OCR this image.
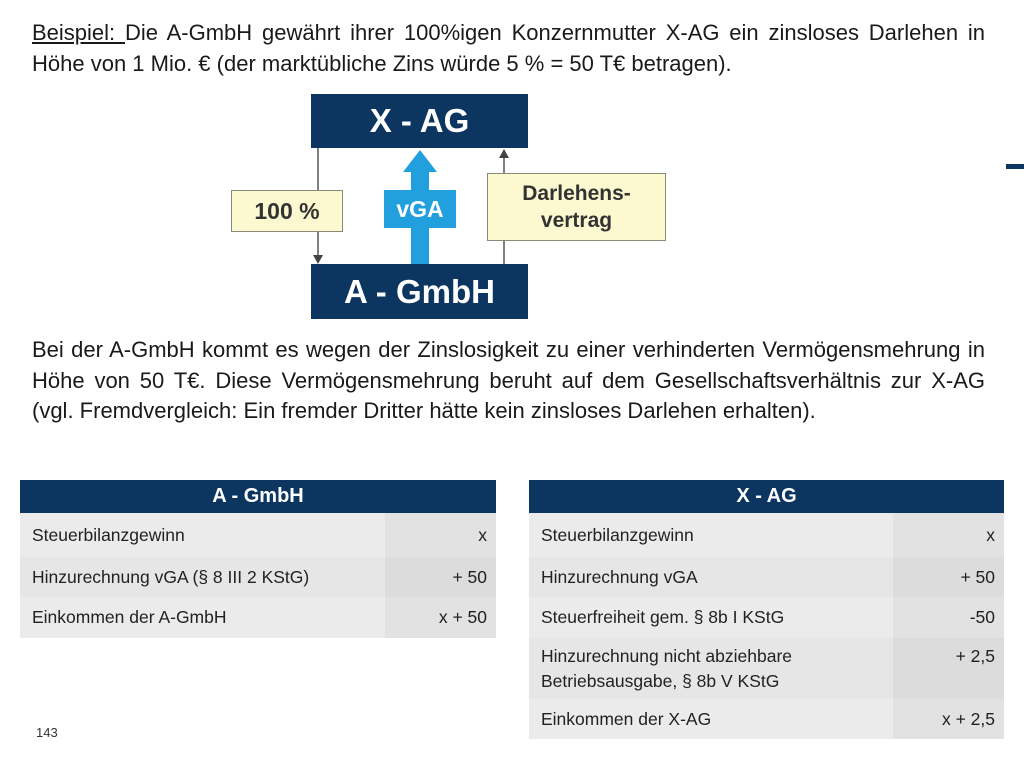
Beispiel: Die A-GmbH gewährt ihrer 100%igen Konzernmutter X-AG ein zinsloses Darlehen in Höhe von 1 Mio. € (der marktübliche Zins würde 5 % = 50 T€ betragen).

X - AG
A - GmbH
100 %	vGA
Darlehens-
vertrag

Bei der A-GmbH kommt es wegen der Zinslosigkeit zu einer verhinderten Vermögensmehrung in Höhe von 50 T€. Diese Vermögensmehrung beruht auf dem Gesellschaftsverhältnis zur X-AG (vgl. Fremdvergleich: Ein fremder Dritter hätte kein zinsloses Darlehen erhalten).

A - GmbH	
Steuerbilanzgewinn	x
Hinzurechnung vGA (§ 8 III 2 KStG)	+ 50
Einkommen der A-GmbH	x + 50
X - AG	
Steuerbilanzgewinn	x
Hinzurechnung vGA	+ 50
Steuerfreiheit gem. § 8b I KStG	-50
Hinzurechnung nicht abziehbare Betriebsausgabe, § 8b V KStG	+ 2,5
Einkommen der X-AG	x + 2,5
143
